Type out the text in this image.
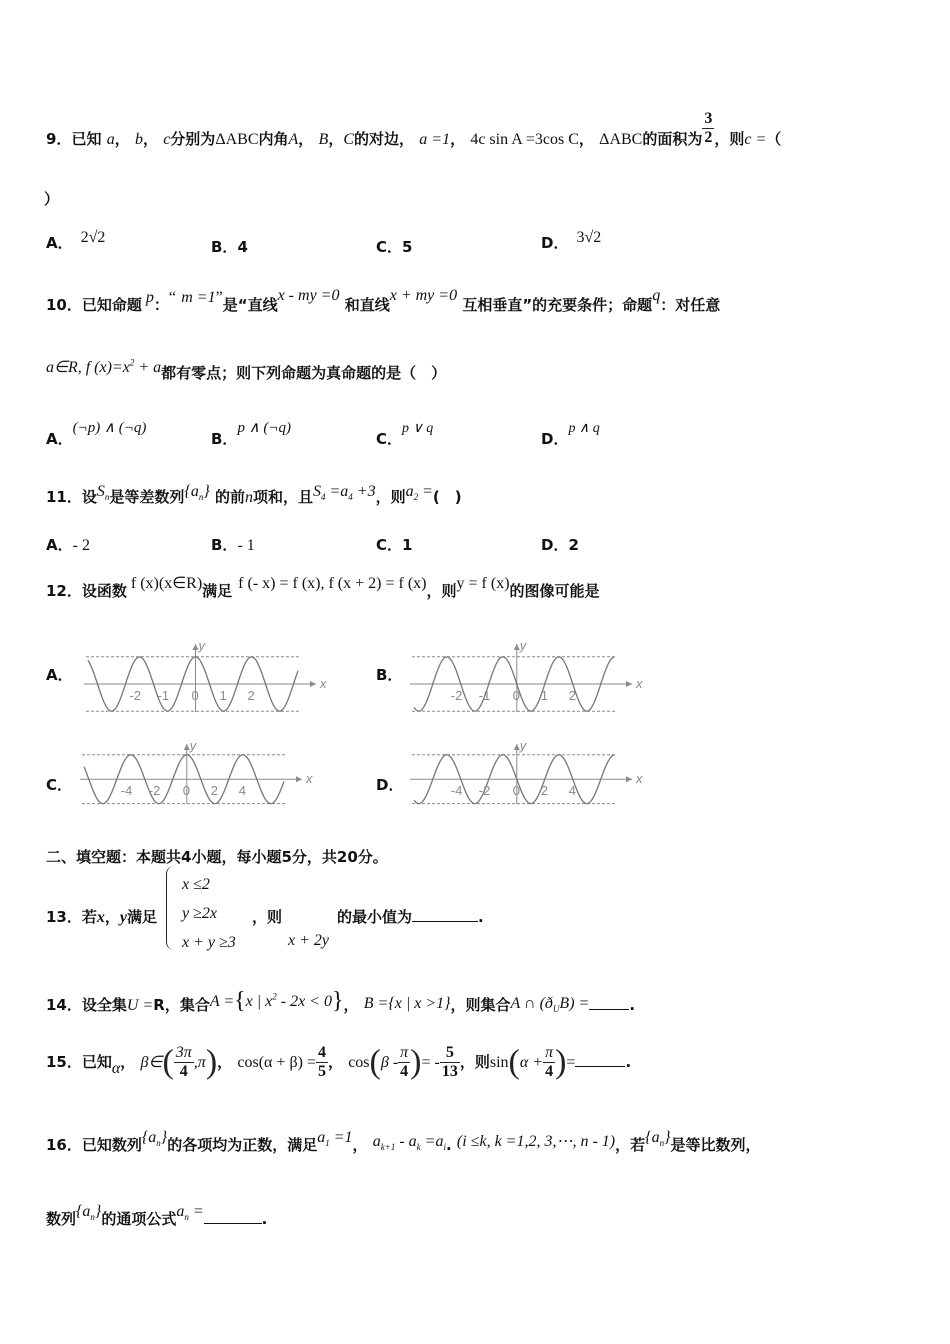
9．已知 a， b， c分别为ΔABC内角A， B，C的对边， a =1， 4c sin A =3cos C， ΔABC的面积为 $\frac{3}{2}$ ，则c =（
）
A． 2√2
B．4	C．5	D． 3√2
10．已知命题 p：“ m =1”是“直线x - my =0 和直线x + my =0 互相垂直”的充要条件；命题q：对任意
a∈R, f $(x)=x^2 + a$都有零点；则下列命题为真命题的是（　）
A．(¬p) ∧ (¬q)
B．p ∧ (¬q)
C．p ∨ q
D．p ∧ q
11．设$S_n$是等差数列$\{a_n\}$ 的前n项和，且$S_4 =a_4 +3$，则$a_2$ =(　)
A．- 2	B．- 1	C．1	D．2
12．设函数 f (x)(x∈R)满足 f (- x) = f (x), f (x + 2) = f (x)，则y = f (x)的图像可能是
A．	x
y
-2 -1 0 1 2
B．	x
y
-2 -1 0 1 2
C．	x
y
-4 -2 0 2 4	D．	x
y
-4 -2 0 2 4
二、填空题：本题共4小题，每小题5分，共20分。
13．若x，y满足
x ≤2
y ≥2x
x + y ≥3
，则
x + 2y
的最小值为	.
14．设全集U =R，集合A ={x | $x^2 - 2x < 0$}， B ={x | x >1}，则集合A ∩ $(ð_UB)$ =	.
15．已知α， β∈( $\frac{3\pi}{4} ,\pi$)， $\cos(\alpha + \beta) = \frac{4}{5}$ ， $\cos(\beta - \frac{\pi}{4}$ )= - $\frac{5}{13}$ ，则$\sin(\alpha + \frac{\pi}{4}$ )=	.
16．已知数列$\{a_n\}$的各项均为正数，满足$a_1 =1$， $a_{k+1} - a_k =a_i$. (i ≤k, k =1,2, 3,⋯, n - 1)，若$\{a_n\}$是等比数列，
数列$\{a_n\}$的通项公式$a_n$ =	.
